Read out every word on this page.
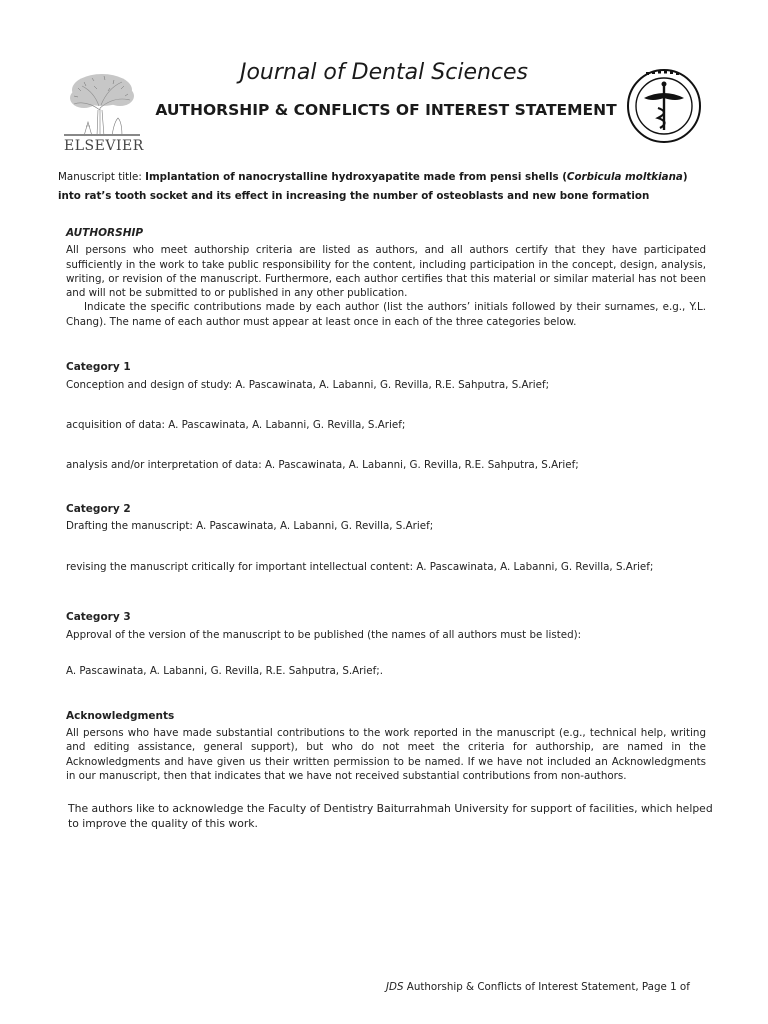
ELSEVIER
Journal of Dental Sciences
AUTHORSHIP & CONFLICTS OF INTEREST STATEMENT
Manuscript title: Implantation of nanocrystalline hydroxyapatite made from pensi shells (Corbicula moltkiana) into rat’s tooth socket and its effect in increasing the number of osteoblasts and new bone formation
AUTHORSHIP

All persons who meet authorship criteria are listed as authors, and all authors certify that they have participated sufficiently in the work to take public responsibility for the content, including participation in the concept, design, analysis, writing, or revision of the manuscript. Furthermore, each author certifies that this material or similar material has not been and will not be submitted to or published in any other publication.

Indicate the specific contributions made by each author (list the authors’ initials followed by their surnames, e.g., Y.L. Chang). The name of each author must appear at least once in each of the three categories below.

Category 1
Conception and design of study: A. Pascawinata, A. Labanni, G. Revilla, R.E. Sahputra, S.Arief;
acquisition of data: A. Pascawinata, A. Labanni, G. Revilla, S.Arief;
analysis and/or interpretation of data: A. Pascawinata, A. Labanni, G. Revilla, R.E. Sahputra, S.Arief;
Category 2
Drafting the manuscript: A. Pascawinata, A. Labanni, G. Revilla, S.Arief;
revising the manuscript critically for important intellectual content: A. Pascawinata, A. Labanni, G. Revilla, S.Arief;
Category 3
Approval of the version of the manuscript to be published (the names of all authors must be listed):
A. Pascawinata, A. Labanni, G. Revilla, R.E. Sahputra, S.Arief;.
Acknowledgments
All persons who have made substantial contributions to the work reported in the manuscript (e.g., technical help, writing and editing assistance, general support), but who do not meet the criteria for authorship, are named in the Acknowledgments and have given us their written permission to be named. If we have not included an Acknowledgments in our manuscript, then that indicates that we have not received substantial contributions from non-authors.
The authors like to acknowledge the Faculty of Dentistry Baiturrahmah University for support of facilities, which helped to improve the quality of this work.
JDS Authorship & Conflicts of Interest Statement, Page 1 of
